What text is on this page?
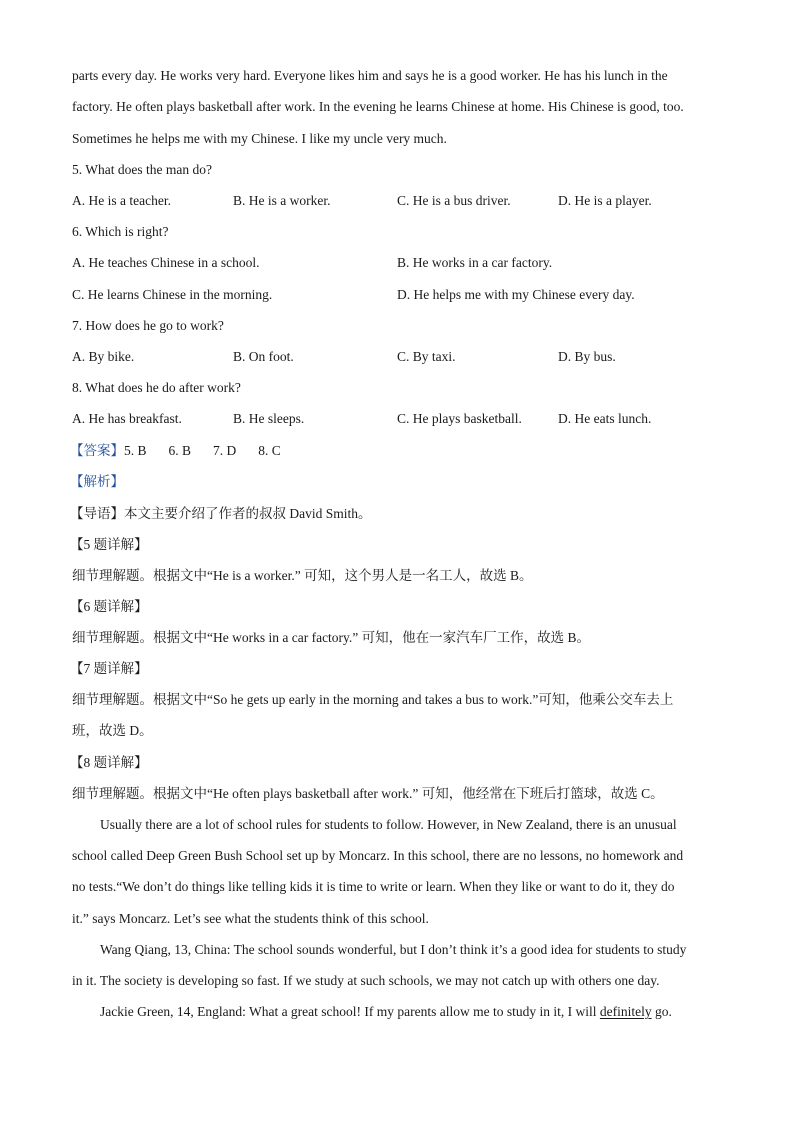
parts every day. He works very hard. Everyone likes him and says he is a good worker. He has his lunch in the
factory. He often plays basketball after work. In the evening he learns Chinese at home. His Chinese is good, too.
Sometimes he helps me with my Chinese. I like my uncle very much.
5. What does the man do?
A. He is a teacher.	B. He is a worker.	C. He is a bus driver.	D. He is a player.
6. Which is right?
A. He teaches Chinese in a school.	B. He works in a car factory.
C. He learns Chinese in the morning.	D. He helps me with my Chinese every day.
7. How does he go to work?
A. By bike.	B. On foot.	C. By taxi.	D. By bus.
8. What does he do after work?
A. He has breakfast.	B. He sleeps.	C. He plays basketball.	D. He eats lunch.
【答案】5. B 6. B 7. D 8. C
【解析】
【导语】本文主要介绍了作者的叔叔 David Smith。
【5 题详解】
细节理解题。根据文中“He is a worker.” 可知，这个男人是一名工人，故选 B。
【6 题详解】
细节理解题。根据文中“He works in a car factory.” 可知，他在一家汽车厂工作，故选 B。
【7 题详解】
细节理解题。根据文中“So he gets up early in the morning and takes a bus to work.”可知，他乘公交车去上
班，故选 D。
【8 题详解】
细节理解题。根据文中“He often plays basketball after work.” 可知，他经常在下班后打篮球，故选 C。
Usually there are a lot of school rules for students to follow. However, in New Zealand, there is an unusual
school called Deep Green Bush School set up by Moncarz. In this school, there are no lessons, no homework and
no tests.“We don’t do things like telling kids it is time to write or learn. When they like or want to do it, they do
it.” says Moncarz. Let’s see what the students think of this school.
Wang Qiang, 13, China: The school sounds wonderful, but I don’t think it’s a good idea for students to study
in it. The society is developing so fast. If we study at such schools, we may not catch up with others one day.
Jackie Green, 14, England: What a great school! If my parents allow me to study in it, I will definitely go.
